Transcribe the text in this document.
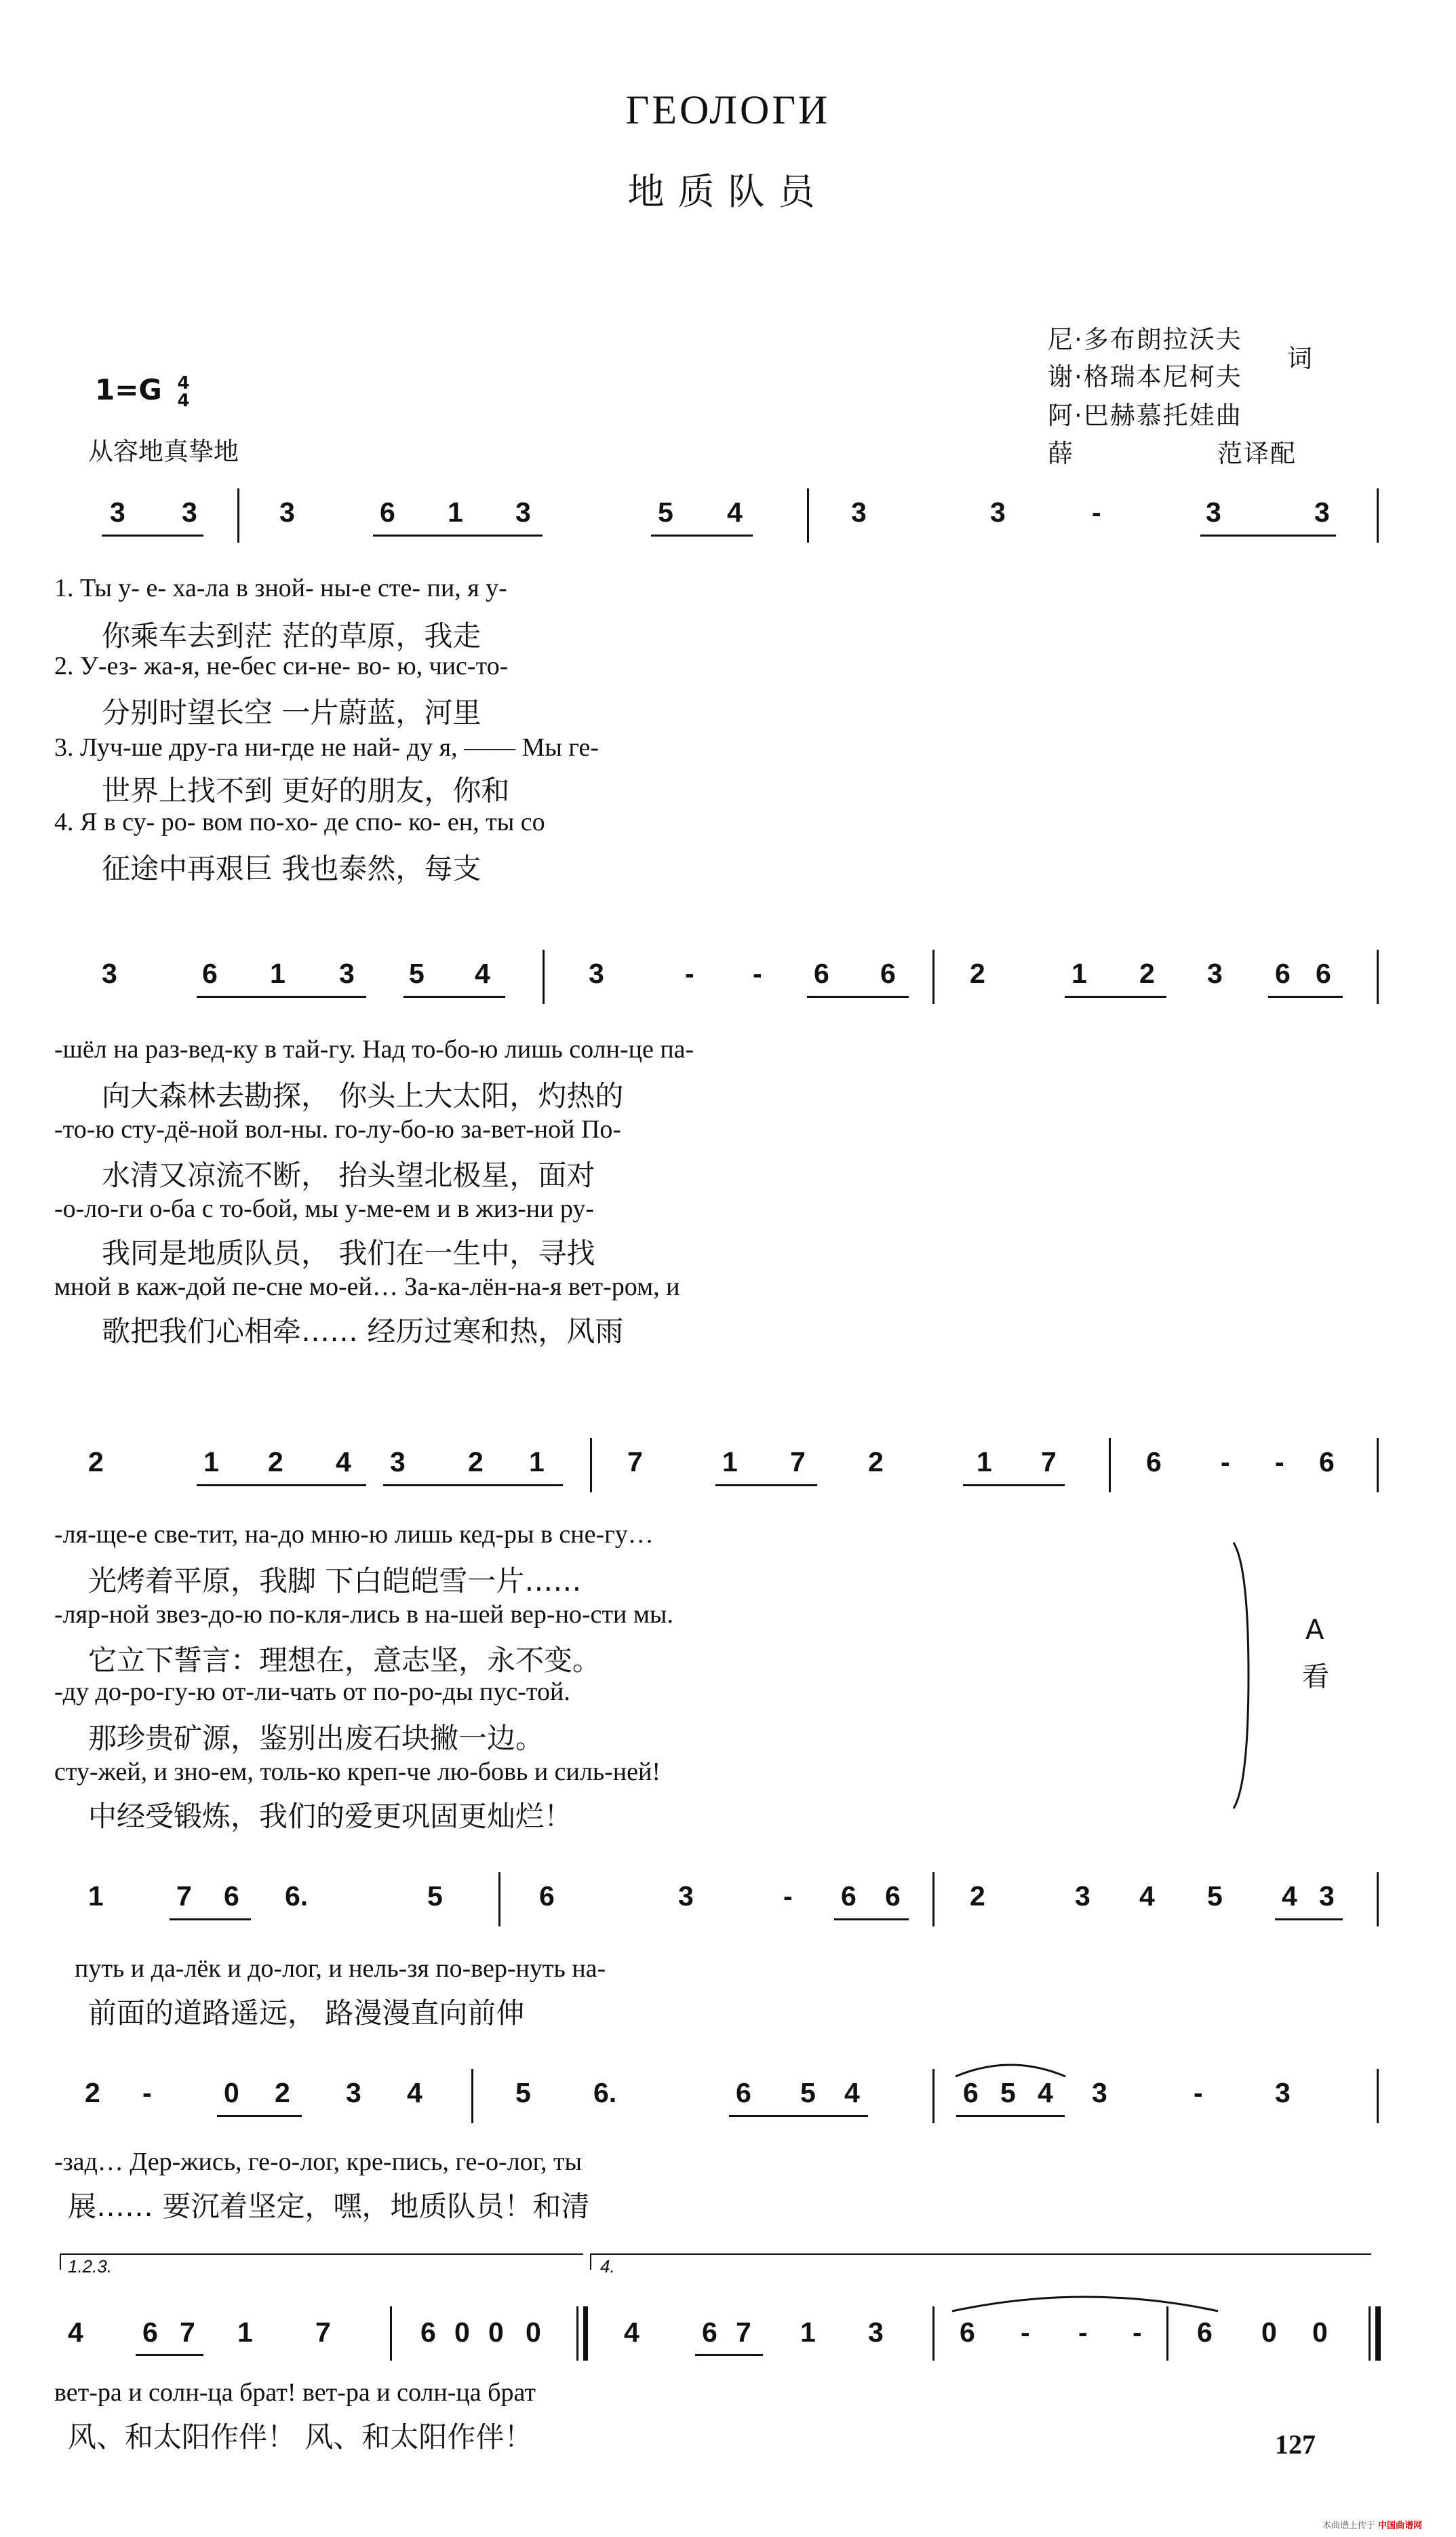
ГЕОЛОГИ
地质队员
尼·多布朗拉沃夫
谢·格瑞本尼柯夫
词
阿·巴赫慕托娃曲
薛	范译配
1=G 4
4
从容地真挚地
3 3	3	6 1 3	5 4	3	3	-	3	3
1. Ты у- е- ха-ла в зной- ны-е сте- пи, я у-
你乘车去到茫 茫的草原，我走
2. У-ез- жа-я, не-бес си-не- во- ю, чис-то-
分别时望长空 一片蔚蓝，河里
3. Луч-ше дру-га ни-где не най- ду я, —— Мы ге-
世界上找不到 更好的朋友，你和
4. Я в су- ро- вом по-хо- де спо- ко- ен, ты со
征途中再艰巨 我也泰然，每支
3	6 1 3 5 4	3	- - 6 6	2	1 2 3 6 6
-шёл на раз-вед-ку в тай-гу. Над то-бо-ю лишь солн-це па-
向大森林去勘探， 你头上大太阳，灼热的
-то-ю сту-дё-ной вол-ны. го-лу-бо-ю за-вет-ной По-
水清又凉流不断， 抬头望北极星，面对
-о-ло-ги о-ба с то-бой, мы у-ме-ем и в жиз-ни ру-
我同是地质队员， 我们在一生中，寻找
мной в каж-дой пе-сне мо-ей… За-ка-лён-на-я вет-ром, и
歌把我们心相牵…… 经历过寒和热，风雨
2	1 2 4 3 2 1	7	1 7 2	1 7	6 - - 6
-ля-ще-е све-тит, на-до мню-ю лишь кед-ры в сне-гу…
光烤着平原，我脚 下白皑皑雪一片……
-ляр-ной звез-до-ю по-кля-лись в на-шей вер-но-сти мы.
它立下誓言：理想在，意志坚，永不变。
-ду до-ро-гу-ю от-ли-чать от по-ро-ды пус-той.
那珍贵矿源，鉴别出废石块撇一边。
сту-жей, и зно-ем, толь-ко креп-че лю-бовь и силь-ней!
中经受锻炼，我们的爱更巩固更灿烂！
А
看
1	7 6 6.	5	6	3	- 6 6 2	3 4 5 4 3
путь и да-лёк и до-лог, и нель-зя по-вер-нуть на-
前面的道路遥远， 路漫漫直向前伸
2 -	0 2 3 4	5 6.	6 5 4	6 5 4 3	-	3
-зад… Дер-жись, ге-о-лог, кре-пись, ге-о-лог, ты
展…… 要沉着坚定，嘿，地质队员！和清
1.2.3.	4.
4 6 7 1 7	6 0 0 0	4 6 7 1 3	6 - - - 6 0 0
вет-ра и солн-ца брат! вет-ра и солн-ца брат
风、和太阳作伴！ 风、和太阳作伴！	127
本曲谱上传于 中国曲谱网
